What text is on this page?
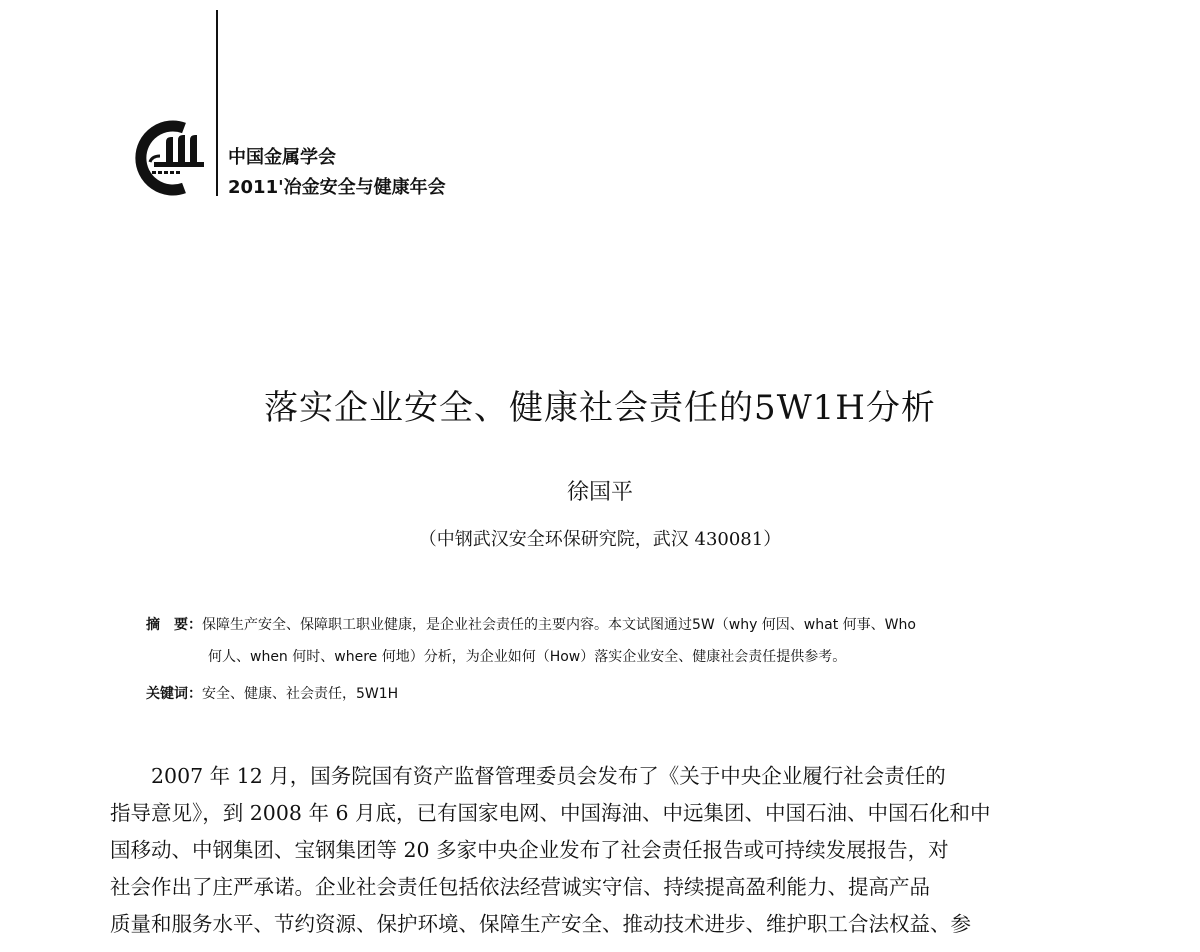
中国金属学会
2011'冶金安全与健康年会
落实企业安全、健康社会责任的5W1H分析
徐国平
（中钢武汉安全环保研究院，武汉 430081）
摘　要：保障生产安全、保障职工职业健康，是企业社会责任的主要内容。本文试图通过5W（why 何因、what 何事、Who
何人、when 何时、where 何地）分析，为企业如何（How）落实企业安全、健康社会责任提供参考。
关键词：安全、健康、社会责任，5W1H
2007 年 12 月，国务院国有资产监督管理委员会发布了《关于中央企业履行社会责任的
指导意见》，到 2008 年 6 月底，已有国家电网、中国海油、中远集团、中国石油、中国石化和中
国移动、中钢集团、宝钢集团等 20 多家中央企业发布了社会责任报告或可持续发展报告，对
社会作出了庄严承诺。企业社会责任包括依法经营诚实守信、持续提高盈利能力、提高产品
质量和服务水平、节约资源、保护环境、保障生产安全、推动技术进步、维护职工合法权益、参
